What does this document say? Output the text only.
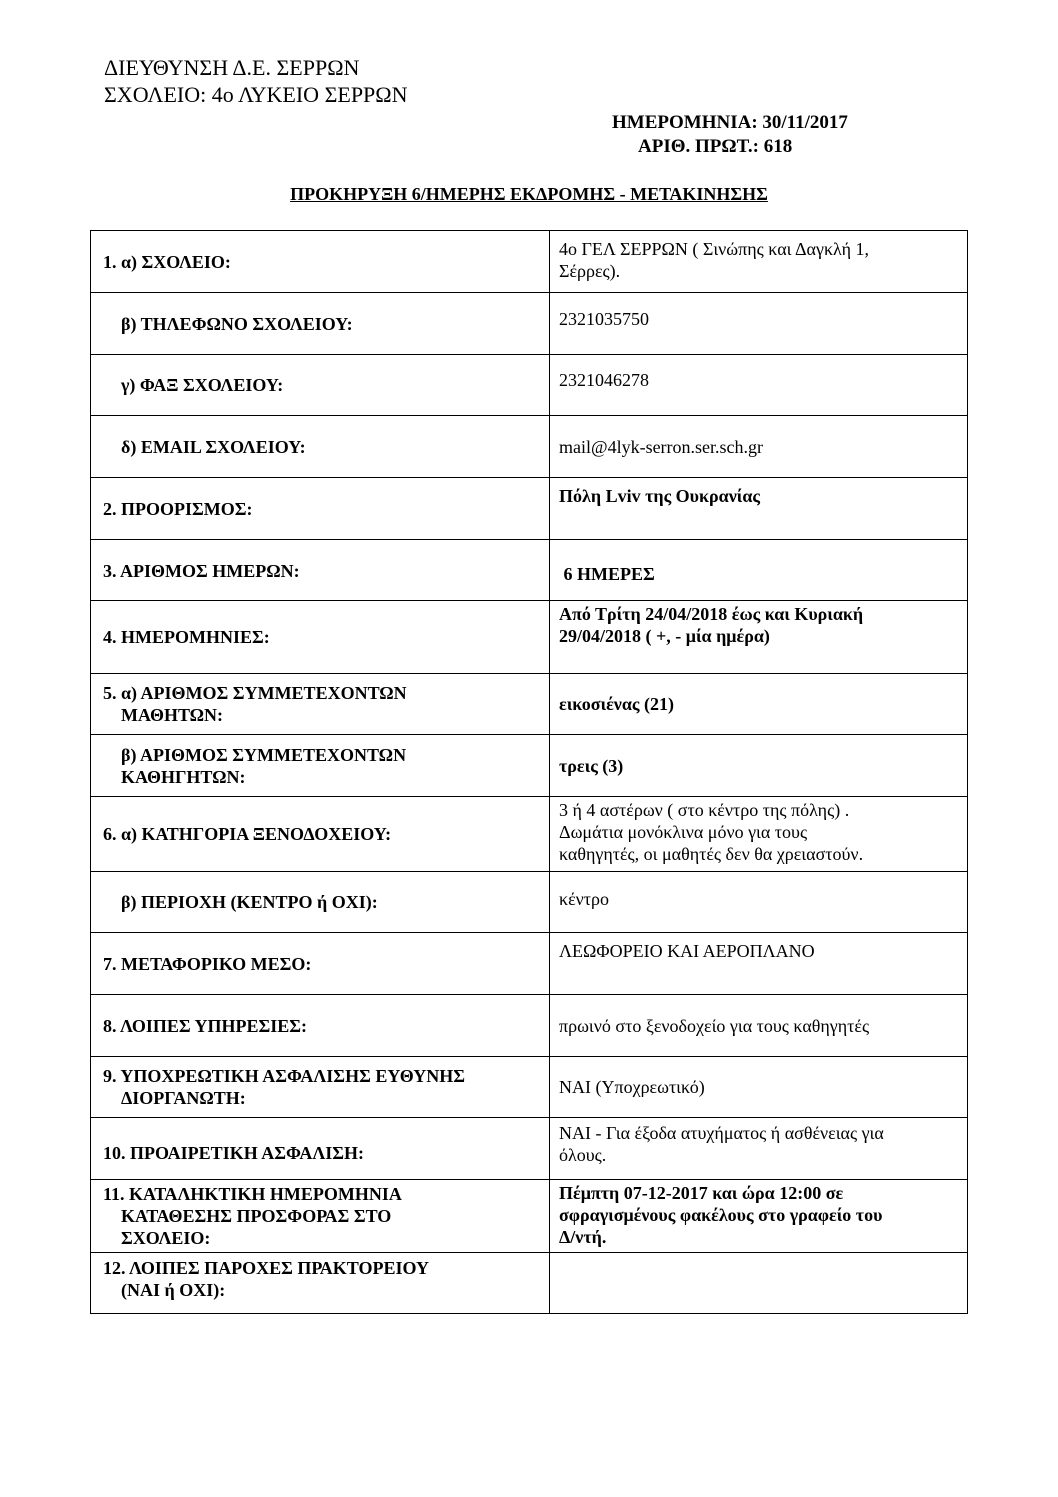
ΔΙΕΥΘΥΝΣΗ Δ.Ε. ΣΕΡΡΩΝ
ΣΧΟΛΕΙΟ: 4ο ΛΥΚΕΙΟ ΣΕΡΡΩΝ
ΗΜΕΡΟΜΗΝΙΑ: 30/11/2017
ΑΡΙΘ. ΠΡΩΤ.: 618
ΠΡΟΚΗΡΥΞΗ 6/ΗΜΕΡΗΣ ΕΚΔΡΟΜΗΣ - ΜΕΤΑΚΙΝΗΣΗΣ
1. α) ΣΧΟΛΕΙΟ:	4ο ΓΕΛ ΣΕΡΡΩΝ ( Σινώπης και Δαγκλή 1,
Σέρρες).
β) ΤΗΛΕΦΩΝΟ ΣΧΟΛΕΙΟΥ:	2321035750
γ) ΦΑΞ ΣΧΟΛΕΙΟΥ:	2321046278
δ) EMAIL ΣΧΟΛΕΙΟΥ:	mail@4lyk-serron.ser.sch.gr
2. ΠΡΟΟΡΙΣΜΟΣ:	Πόλη Lviv της Ουκρανίας
3. ΑΡΙΘΜΟΣ ΗΜΕΡΩΝ:	6 ΗΜΕΡΕΣ
4. ΗΜΕΡΟΜΗΝΙΕΣ:	Από Τρίτη 24/04/2018 έως και Κυριακή
29/04/2018 ( +, - μία ημέρα)
5. α) ΑΡΙΘΜΟΣ ΣΥΜΜΕΤΕΧΟΝΤΩΝ
ΜΑΘΗΤΩΝ:	εικοσιένας (21)
β) ΑΡΙΘΜΟΣ ΣΥΜΜΕΤΕΧΟΝΤΩΝ
ΚΑΘΗΓΗΤΩΝ:	τρεις (3)
6. α) ΚΑΤΗΓΟΡΙΑ ΞΕΝΟΔΟΧΕΙΟΥ:	3 ή 4 αστέρων ( στο κέντρο της πόλης) .
Δωμάτια μονόκλινα μόνο για τους
καθηγητές, οι μαθητές δεν θα χρειαστούν.
β) ΠΕΡΙΟΧΗ (ΚΕΝΤΡΟ ή ΟΧΙ):	κέντρο
7. ΜΕΤΑΦΟΡΙΚΟ ΜΕΣΟ:	ΛΕΩΦΟΡΕΙΟ ΚΑΙ ΑΕΡΟΠΛΑΝΟ
8. ΛΟΙΠΕΣ ΥΠΗΡΕΣΙΕΣ:	πρωινό στο ξενοδοχείο για τους καθηγητές
9. ΥΠΟΧΡΕΩΤΙΚΗ ΑΣΦΑΛΙΣΗΣ ΕΥΘΥΝΗΣ
ΔΙΟΡΓΑΝΩΤΗ:	ΝΑΙ (Υποχρεωτικό)
10. ΠΡΟΑΙΡΕΤΙΚΗ ΑΣΦΑΛΙΣΗ:	ΝΑΙ - Για έξοδα ατυχήματος ή ασθένειας για
όλους.
11. ΚΑΤΑΛΗΚΤΙΚΗ ΗΜΕΡΟΜΗΝΙΑ
ΚΑΤΑΘΕΣΗΣ ΠΡΟΣΦΟΡΑΣ ΣΤΟ
ΣΧΟΛΕΙΟ:	Πέμπτη 07-12-2017 και ώρα 12:00 σε
σφραγισμένους φακέλους στο γραφείο του
Δ/ντή.
12. ΛΟΙΠΕΣ ΠΑΡΟΧΕΣ ΠΡΑΚΤΟΡΕΙΟΥ
(ΝΑΙ ή ΟΧΙ):	
